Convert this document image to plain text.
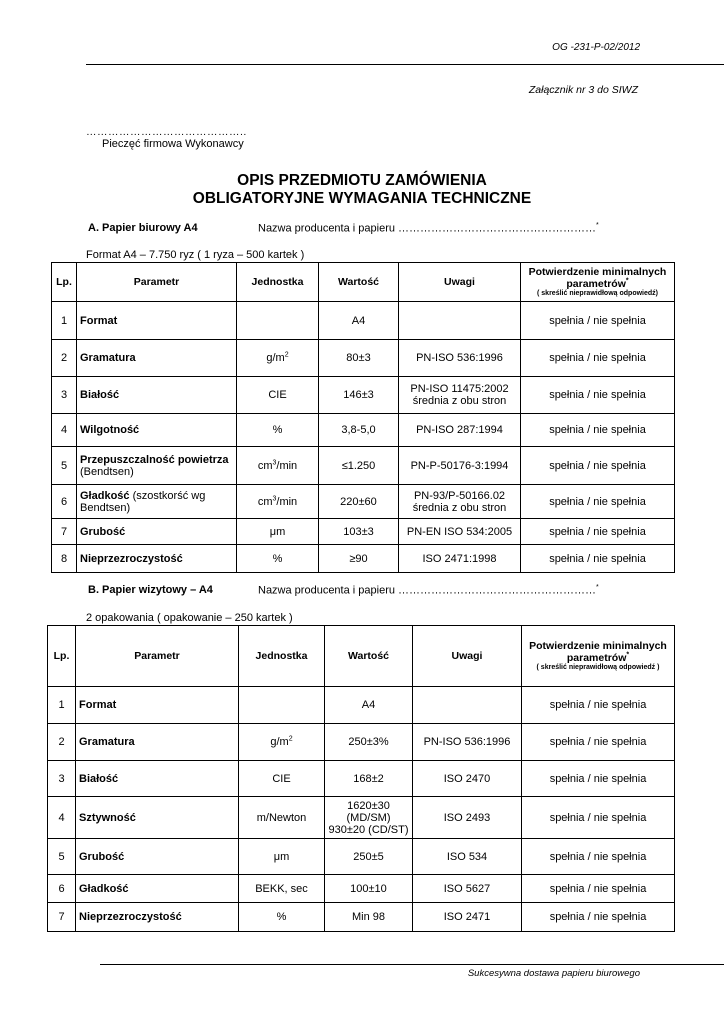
OG -231-P-02/2012
Załącznik nr 3 do SIWZ
……………………………………..
Pieczęć firmowa Wykonawcy
OPIS PRZEDMIOTU ZAMÓWIENIA
OBLIGATORYJNE WYMAGANIA TECHNICZNE
A. Papier biurowy A4	Nazwa producenta i papieru ………………………………………………*
Format A4 – 7.750 ryz ( 1 ryza – 500 kartek )
Lp.	Parametr	Jednostka	Wartość	Uwagi	Potwierdzenie minimalnych parametrów*
( skreślić nieprawidłową odpowiedź)

1	Format		A4		spełnia / nie spełnia
2	Gramatura	$g/m^2$	80±3	PN-ISO 536:1996	spełnia / nie spełnia
3	Białość	CIE	146±3	PN-ISO 11475:2002
średnia z obu stron	spełnia / nie spełnia
4	Wilgotność	%	3,8-5,0	PN-ISO 287:1994	spełnia / nie spełnia
5	Przepuszczalność powietrza
(Bendtsen)	$cm^3/\min$	≤1.250	PN-P-50176-3:1994	spełnia / nie spełnia
6	Gładkość (szostkorść wg Bendtsen)	$cm^3/\min$	220±60	PN-93/P-50166.02
średnia z obu stron	spełnia / nie spełnia
7	Grubość	μm	103±3	PN-EN ISO 534:2005	spełnia / nie spełnia
8	Nieprzezroczystość	%	≥90	ISO 2471:1998	spełnia / nie spełnia
B. Papier wizytowy – A4	Nazwa producenta i papieru ………………………………………………*
2 opakowania ( opakowanie – 250 kartek )
Lp.	Parametr	Jednostka	Wartość	Uwagi	Potwierdzenie minimalnych parametrów*
( skreślić nieprawidłową odpowiedź )

1	Format		A4		spełnia / nie spełnia
2	Gramatura	$g/m^2$	250±3%	PN-ISO 536:1996	spełnia / nie spełnia
3	Białość	CIE	168±2	ISO 2470	spełnia / nie spełnia
4	Sztywność	m/Newton	1620±30
(MD/SM)
930±20 (CD/ST)	ISO 2493	spełnia / nie spełnia
5	Grubość	μm	250±5	ISO 534	spełnia / nie spełnia
6	Gładkość	BEKK, sec	100±10	ISO 5627	spełnia / nie spełnia
7	Nieprzezroczystość	%	Min 98	ISO 2471	spełnia / nie spełnia
Sukcesywna dostawa papieru biurowego
